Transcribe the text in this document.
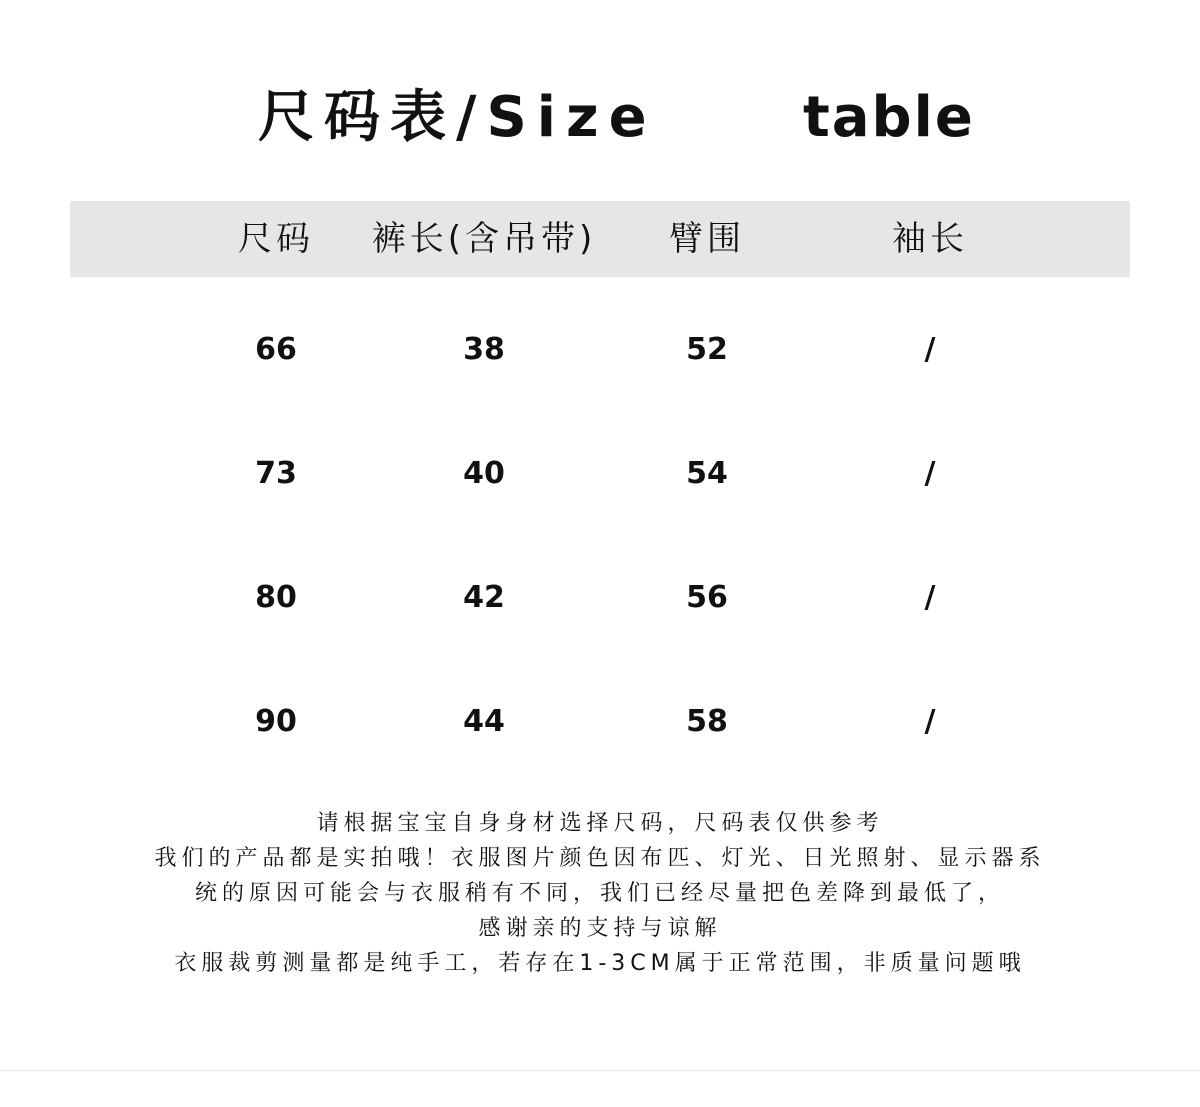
尺码表/Size	table
尺码	裤长(含吊带)	臂围	袖长
66	38	52	/
73	40	54	/
80	42	56	/
90	44	58	/
请根据宝宝自身身材选择尺码，尺码表仅供参考
我们的产品都是实拍哦！衣服图片颜色因布匹、灯光、日光照射、显示器系
统的原因可能会与衣服稍有不同，我们已经尽量把色差降到最低了，
感谢亲的支持与谅解
衣服裁剪测量都是纯手工，若存在1-3CM属于正常范围，非质量问题哦
